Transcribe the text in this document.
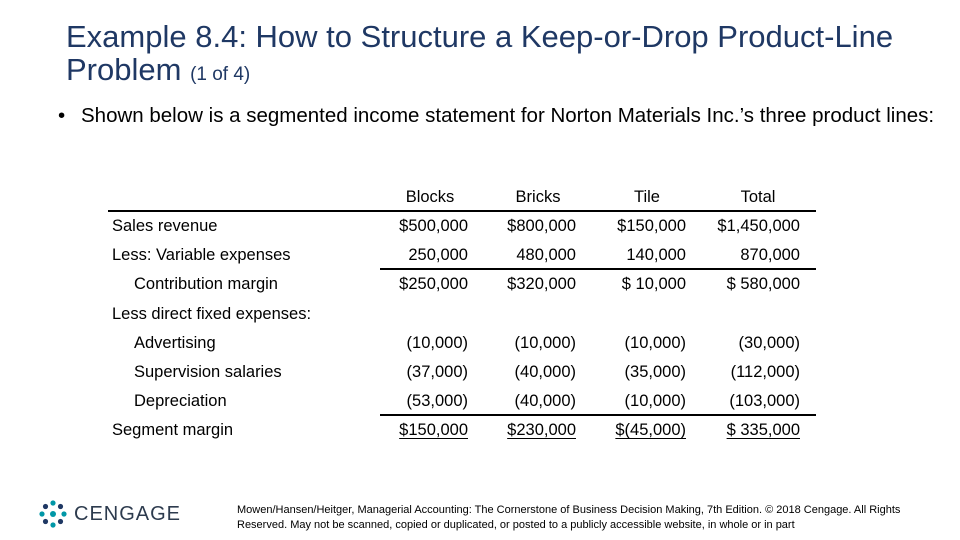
Example 8.4: How to Structure a Keep-or-Drop Product-Line Problem (1 of 4)
• Shown below is a segmented income statement for Norton Materials Inc.’s three product lines:
Blocks	Bricks	Tile	Total
Sales revenue	$500,000	$800,000	$150,000	$1,450,000
Less: Variable expenses	250,000	480,000	140,000	870,000
Contribution margin	$250,000	$320,000	$ 10,000	$ 580,000
Less direct fixed expenses:
Advertising	(10,000)	(10,000)	(10,000)	(30,000)
Supervision salaries	(37,000)	(40,000)	(35,000)	(112,000)
Depreciation	(53,000)	(40,000)	(10,000)	(103,000)
Segment margin	$150,000	$230,000	$(45,000)	$ 335,000
CENGAGE	Mowen/Hansen/Heitger, Managerial Accounting: The Cornerstone of Business Decision Making, 7th Edition. © 2018 Cengage. All Rights Reserved. May not be scanned, copied or duplicated, or posted to a publicly accessible website, in whole or in part
